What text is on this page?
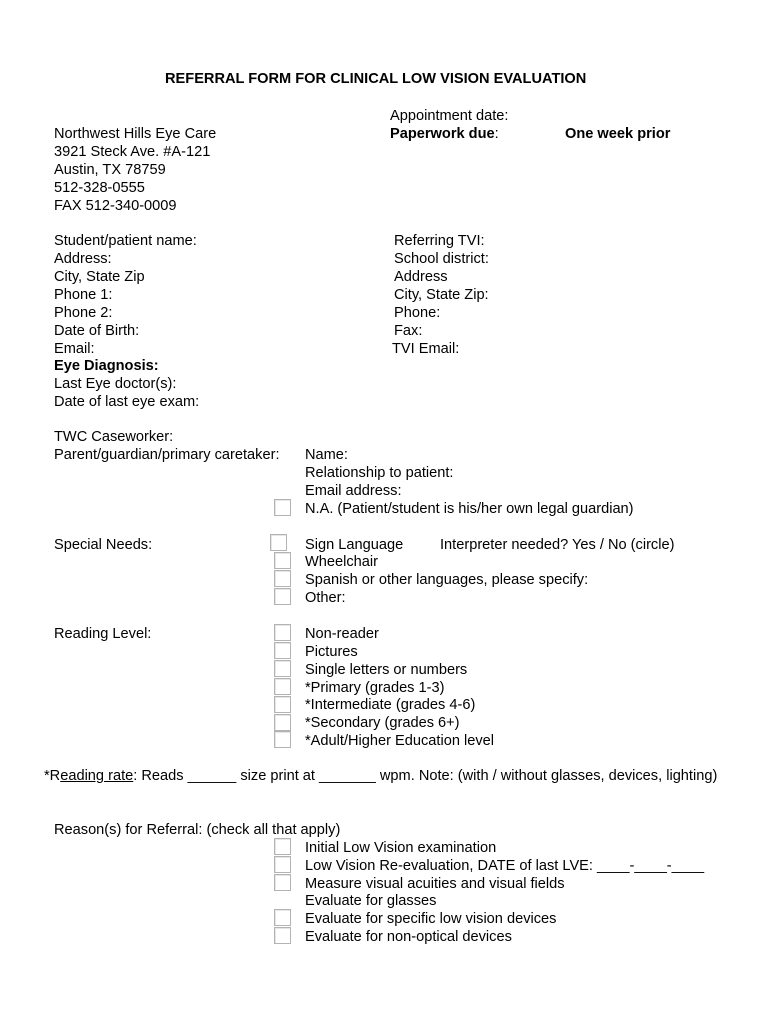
REFERRAL FORM FOR CLINICAL LOW VISION EVALUATION
Appointment date:
Paperwork due:	One week prior
Northwest Hills Eye Care
3921 Steck Ave. #A-121
Austin, TX 78759
512-328-0555
FAX 512-340-0009
Student/patient name:
Address:
City, State Zip
Phone 1:
Phone 2:
Date of Birth:
Email:
Eye Diagnosis:
Last Eye doctor(s):
Date of last eye exam:
Referring TVI:
School district:
Address
City, State Zip:
Phone:
Fax:
TVI Email:
TWC Caseworker:
Parent/guardian/primary caretaker: Name:
Relationship to patient:
Email address:
N.A. (Patient/student is his/her own legal guardian)
Special Needs:	Sign Language	Interpreter needed? Yes / No (circle)
Wheelchair
Spanish or other languages, please specify:
Other:
Reading Level:	Non-reader
Pictures
Single letters or numbers
*Primary (grades 1-3)
*Intermediate (grades 4-6)
*Secondary (grades 6+)
*Adult/Higher Education level
*Reading rate: Reads ______ size print at _______ wpm. Note: (with / without glasses, devices, lighting)
Reason(s) for Referral: (check all that apply)
Initial Low Vision examination
Low Vision Re-evaluation, DATE of last LVE: ____-____-____
Measure visual acuities and visual fields
Evaluate for glasses
Evaluate for specific low vision devices
Evaluate for non-optical devices
